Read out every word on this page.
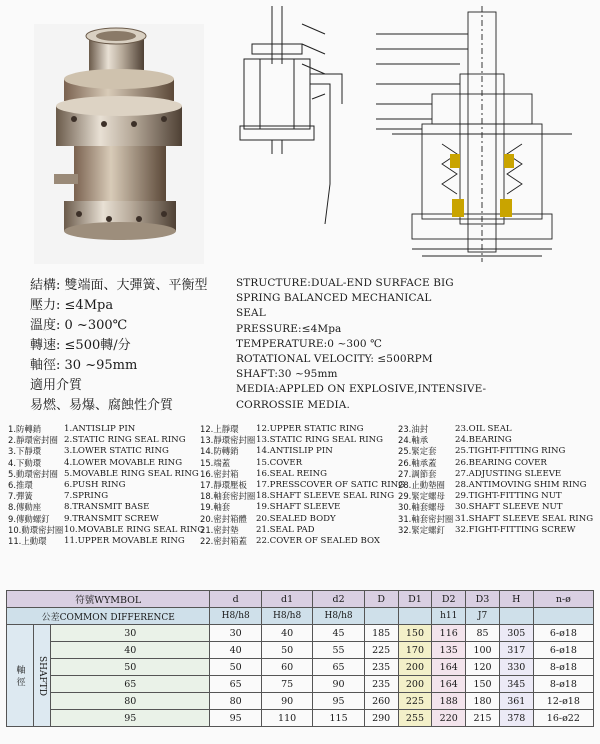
結構: 雙端面、大彈簧、平衡型
壓力: ≤4Mpa
溫度: 0 ~300℃
轉速: ≤500轉/分
軸徑: 30 ~95mm
適用介質
易燃、易爆、腐蝕性介質
STRUCTURE:DUAL-END SURFACE BIG
SPRING BALANCED MECHANICAL
SEAL
PRESSURE:≤4Mpa
TEMPERATURE:0 ~300 ℃
ROTATIONAL VELOCITY: ≤500RPM
SHAFT:30 ~95mm
MEDIA:APPLED ON EXPLOSIVE,INTENSIVE-
CORROSSIE MEDIA.
1.防轉銷
2.靜環密封圈
3.下靜環
4.下動環
5.動環密封圈
6.推環
7.彈簧
8.傳動座
9.傳動螺釘
10.動環密封圈
11.上動環
1.ANTISLIP PIN
2.STATIC RING SEAL RING
3.LOWER STATIC RING
4.LOWER MOVABLE RING
5.MOVABLE RING SEAL RING
6.PUSH RING
7.SPRING
8.TRANSMIT BASE
9.TRANSMIT SCREW
10.MOVABLE RING SEAL RING
11.UPPER MOVABLE RING
12.上靜環
13.靜環密封圈
14.防轉銷
15.端蓋
16.密封箱
17.靜環壓板
18.軸套密封圈
19.軸套
20.密封箱體
21.密封墊
22.密封箱蓋
12.UPPER STATIC RING
13.STATIC RING SEAL RING
14.ANTISLIP PIN
15.COVER
16.SEAL REING
17.PRESSCOVER OF SATIC RING
18.SHAFT SLEEVE SEAL RING
19.SHAFT SLEEVE
20.SEALED BODY
21.SEAL PAD
22.COVER OF SEALED BOX
23.油封
24.軸承
25.緊定套
26.軸承蓋
27.調節套
28.止動墊圈
29.緊定螺母
30.軸套螺母
31.軸套密封圈
32.緊定螺釘
23.OIL SEAL
24.BEARING
25.TIGHT-FITTING RING
26.BEARING COVER
27.ADJUSTING SLEEVE
28.ANTIMOVING SHIM RING
29.TIGHT-FITTING NUT
30.SHAFT SLEEVE NUT
31.SHAFT SLEEVE SEAL RING
32.FIGHT-FITTING SCREW
符號WYMBOL			d	d1	d2	D	D1	D2	D3	H	n-ø
公差COMMON DIFFERENCE			H8/h8	H8/h8	H8/h8			h11	J7		
軸 徑	SHAFTD	30	30	40	45	185	150	116	85	305	6-ø18
		40	40	50	55	225	170	135	100	317	6-ø18
		50	50	60	65	235	200	164	120	330	8-ø18
		65	65	75	90	235	200	164	150	345	8-ø18
		80	80	90	95	260	225	188	180	361	12-ø18
		95	95	110	115	290	255	220	215	378	16-ø22
